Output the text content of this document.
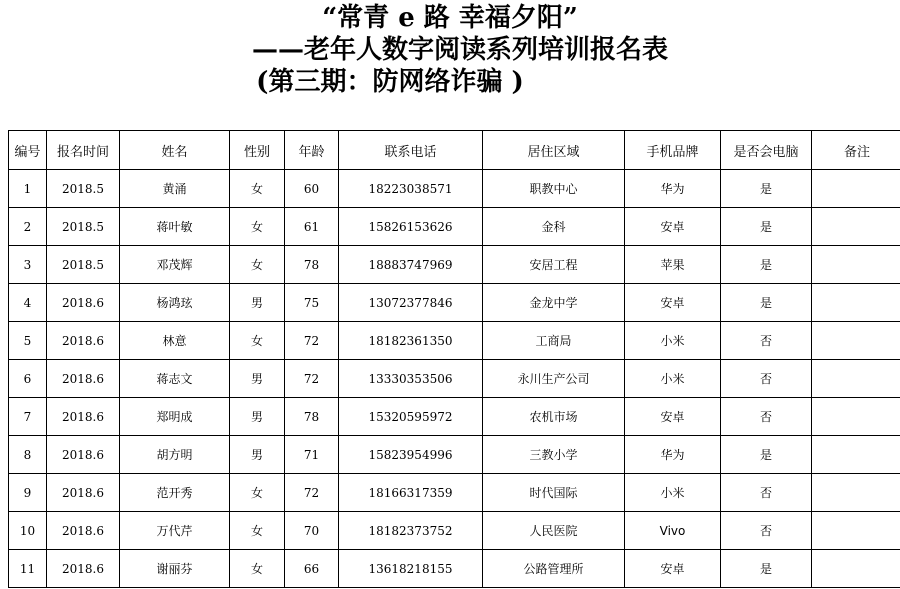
“常青 e 路 幸福夕阳”
——老年人数字阅读系列培训报名表
(第三期：防网络诈骗 )
编号	报名时间	姓名	性别	年龄	联系电话	居住区域	手机品牌	是否会电脑	备注
1	2018.5	黄涌	女	60	18223038571	职教中心	华为	是	
2	2018.5	蒋叶敏	女	61	15826153626	金科	安卓	是	
3	2018.5	邓茂辉	女	78	18883747969	安居工程	苹果	是	
4	2018.6	杨鸿玹	男	75	13072377846	金龙中学	安卓	是	
5	2018.6	林意	女	72	18182361350	工商局	小米	否	
6	2018.6	蒋志文	男	72	13330353506	永川生产公司	小米	否	
7	2018.6	郑明成	男	78	15320595972	农机市场	安卓	否	
8	2018.6	胡方明	男	71	15823954996	三教小学	华为	是	
9	2018.6	范开秀	女	72	18166317359	时代国际	小米	否	
10	2018.6	万代芹	女	70	18182373752	人民医院	Vivo	否	
11	2018.6	谢丽芬	女	66	13618218155	公路管理所	安卓	是	
